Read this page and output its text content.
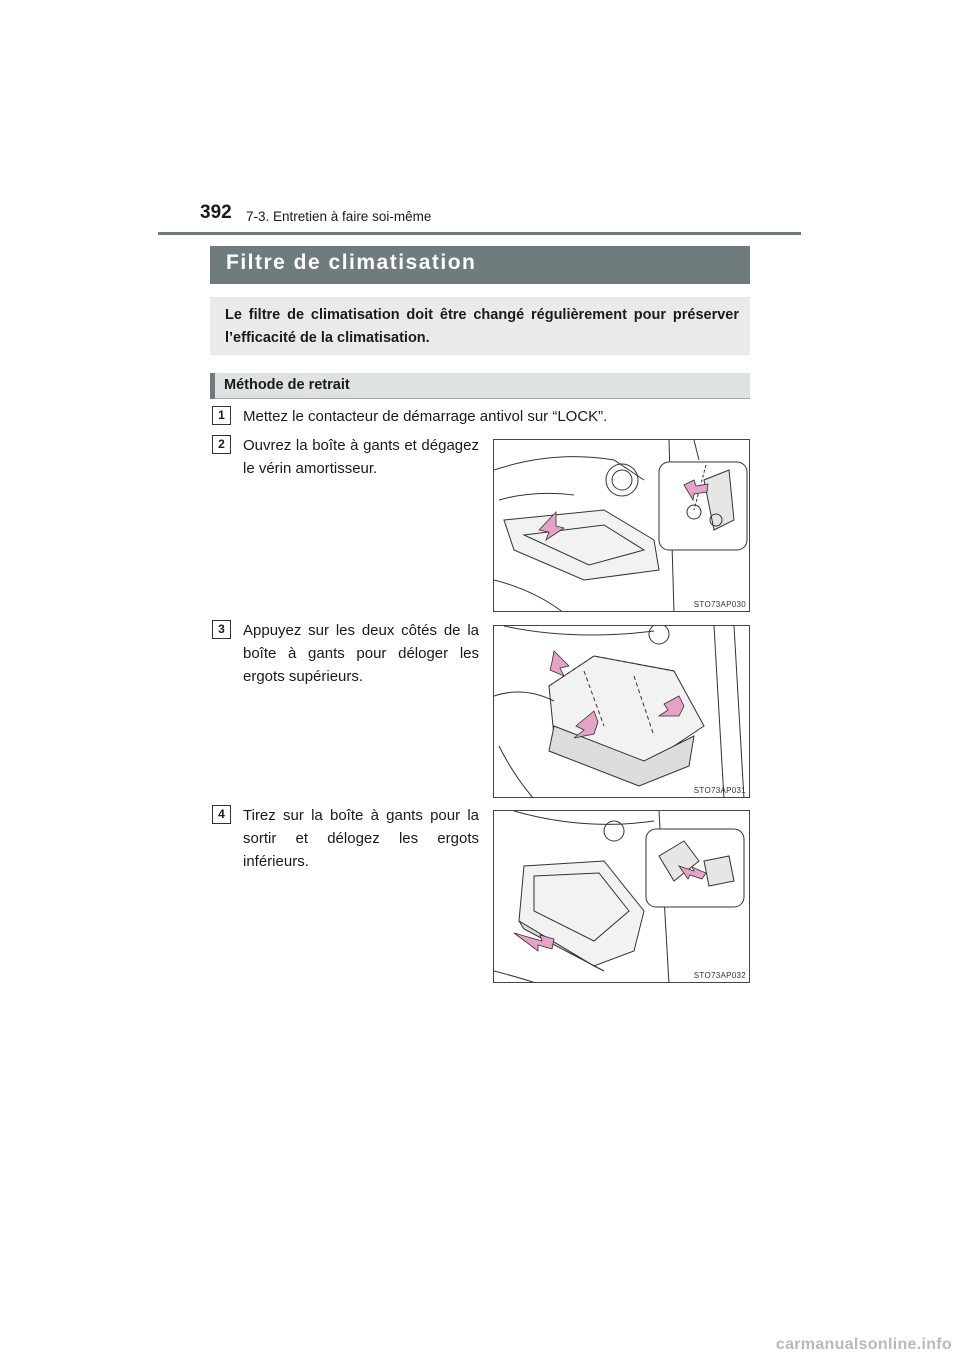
392 7-3. Entretien à faire soi-même
Filtre de climatisation
Le filtre de climatisation doit être changé régulièrement pour préserver l’efficacité de la climatisation.
Méthode de retrait
1	Mettez le contacteur de démarrage antivol sur “LOCK”.
2	Ouvrez la boîte à gants et dégagez le vérin amortisseur.
STO73AP030
3	Appuyez sur les deux côtés de la boîte à gants pour déloger les ergots supérieurs.
STO73AP031
4	Tirez sur la boîte à gants pour la sortir et délogez les ergots inférieurs.
STO73AP032
carmanualsonline.info
